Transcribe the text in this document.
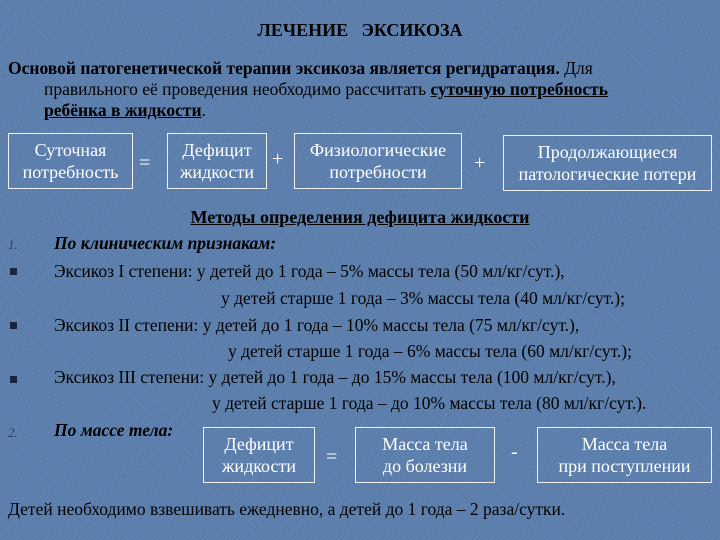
ЛЕЧЕНИЕ   ЭКСИКОЗА
Основой патогенетической терапии эксикоза является регидратация. Для
правильного её проведения необходимо рассчитать суточную потребность
ребёнка в жидкости.
Суточная
потребность	=
Дефицит
жидкости
+	Физиологические
потребности	+	Продолжающиеся
патологические потери
Методы определения дефицита жидкости
1. По клиническим признакам:
Эксикоз I степени: у детей до 1 года – 5% массы тела (50 мл/кг/сут.),
у детей старше 1 года – 3% массы тела (40 мл/кг/сут.);
Эксикоз II степени: у детей до 1 года – 10% массы тела (75 мл/кг/сут.),
у детей старше 1 года – 6% массы тела (60 мл/кг/сут.);
Эксикоз III степени: у детей до 1 года – до 15% массы тела (100 мл/кг/сут.),
у детей старше 1 года – до 10% массы тела (80 мл/кг/сут.).
2. По массе тела:
Дефицит
жидкости	=
Масса тела
до болезни
-	Масса тела
при поступлении
Детей необходимо взвешивать ежедневно, а детей до 1 года – 2 раза/сутки.
